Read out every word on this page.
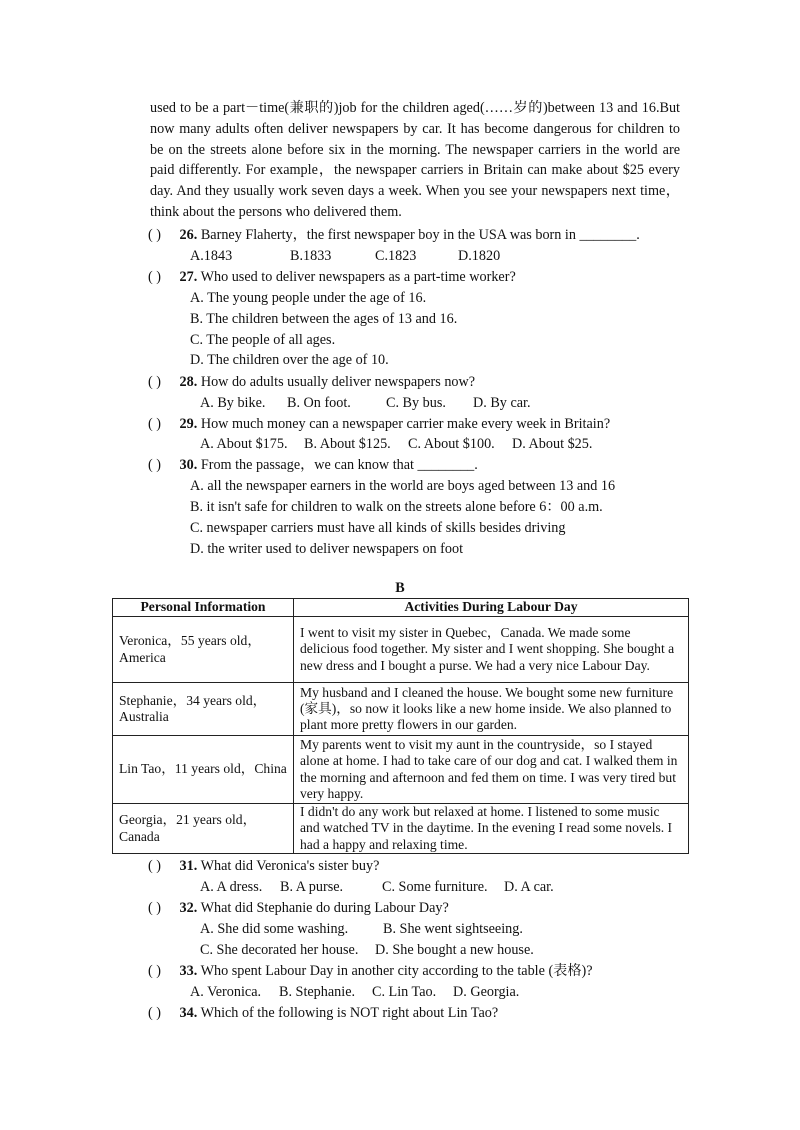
used to be a part－time(兼职的)job for the children aged(……岁的)between 13 and 16.But
now many adults often deliver newspapers by car. It has become dangerous for children to
be on the streets alone before six in the morning. The newspaper carriers in the world are
paid differently. For example，the newspaper carriers in Britain can make about $25 every
day. And they usually work seven days a week. When you see your newspapers next time，
think about the persons who delivered them.

( ) 26. Barney Flaherty，the first newspaper boy in the USA was born in ________.
A.1843	B.1833	C.1823	D.1820
( ) 27. Who used to deliver newspapers as a part-time worker?
A. The young people under the age of 16.
B. The children between the ages of 13 and 16.
C. The people of all ages.
D. The children over the age of 10.
( ) 28. How do adults usually deliver newspapers now?
A. By bike. B. On foot. C. By bus. D. By car.
( ) 29. How much money can a newspaper carrier make every week in Britain?
A. About $175. B. About $125. C. About $100. D. About $25.
( ) 30. From the passage，we can know that ________.
A. all the newspaper earners in the world are boys aged between 13 and 16
B. it isn't safe for children to walk on the streets alone before 6：00 a.m.
C. newspaper carriers must have all kinds of skills besides driving
D. the writer used to deliver newspapers on foot
B
Personal Information	Activities During Labour Day
Veronica，55 years old，America	I went to visit my sister in Quebec，Canada. We made some delicious food together. My sister and I went shopping. She bought a new dress and I bought a purse. We had a very nice Labour Day.
Stephanie，34 years old，Australia	My husband and I cleaned the house. We bought some new furniture (家具)，so now it looks like a new home inside. We also planned to plant more pretty flowers in our garden.
Lin Tao，11 years old，China	My parents went to visit my aunt in the countryside，so I stayed alone at home. I had to take care of our dog and cat. I walked them in the morning and afternoon and fed them on time. I was very tired but very happy.
Georgia，21 years old，Canada	I didn't do any work but relaxed at home. I listened to some music and watched TV in the daytime. In the evening I read some novels. I had a happy and relaxing time.
( ) 31. What did Veronica's sister buy?
A. A dress. B. A purse.	C. Some furniture. D. A car.
( ) 32. What did Stephanie do during Labour Day?
A. She did some washing. B. She went sightseeing.
C. She decorated her house. D. She bought a new house.
( ) 33. Who spent Labour Day in another city according to the table (表格)?
A. Veronica. B. Stephanie. C. Lin Tao. D. Georgia.
( ) 34. Which of the following is NOT right about Lin Tao?
